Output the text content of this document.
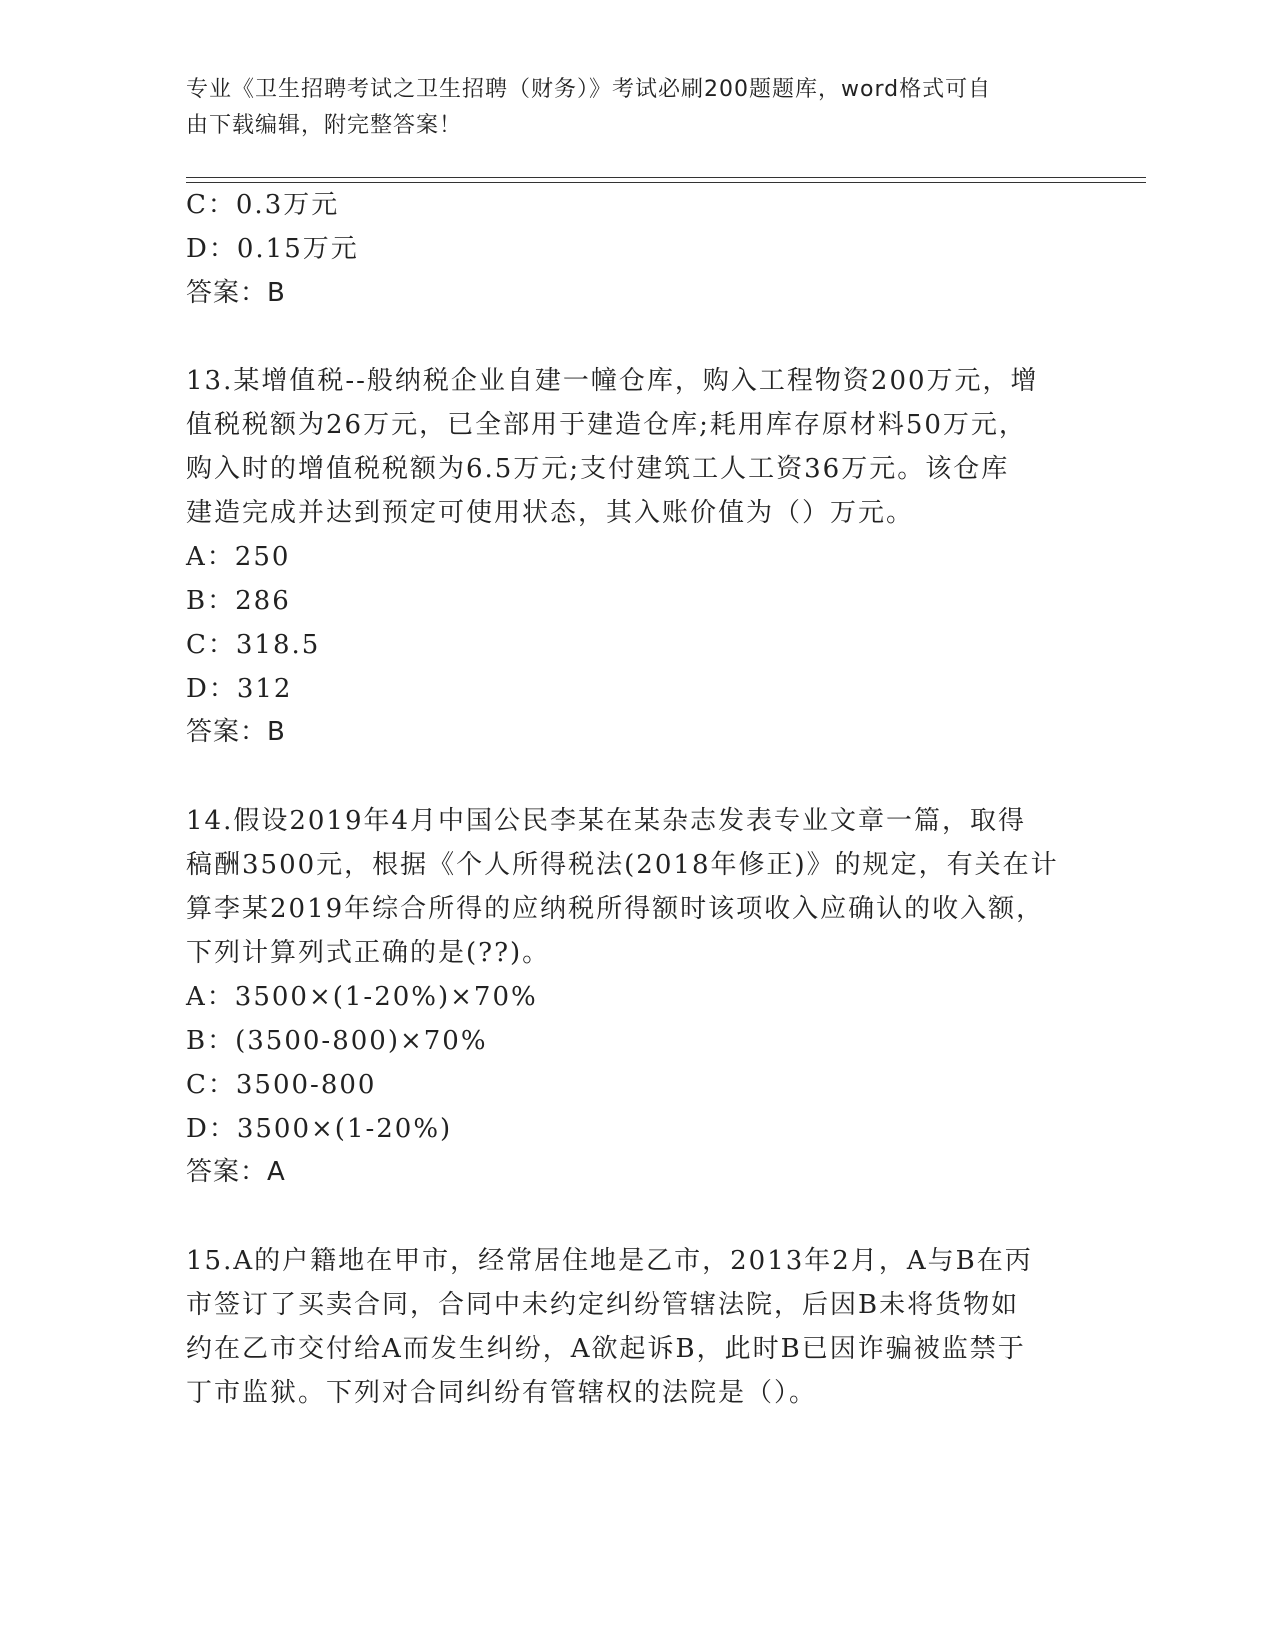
专业《卫生招聘考试之卫生招聘（财务）》考试必刷200题题库，word格式可自
由下载编辑，附完整答案！
C：0.3万元
D：0.15万元
答案：B
13.某增值税--般纳税企业自建一幢仓库，购入工程物资200万元，增
值税税额为26万元，已全部用于建造仓库;耗用库存原材料50万元，
购入时的增值税税额为6.5万元;支付建筑工人工资36万元。该仓库
建造完成并达到预定可使用状态，其入账价值为（）万元。
A：250
B：286
C：318.5
D：312
答案：B
14.假设2019年4月中国公民李某在某杂志发表专业文章一篇，取得
稿酬3500元，根据《个人所得税法(2018年修正)》的规定，有关在计
算李某2019年综合所得的应纳税所得额时该项收入应确认的收入额，
下列计算列式正确的是(??)。
A：3500×(1-20%)×70%
B：(3500-800)×70%
C：3500-800
D：3500×(1-20%)
答案：A
15.A的户籍地在甲市，经常居住地是乙市，2013年2月，A与B在丙
市签订了买卖合同，合同中未约定纠纷管辖法院，后因B未将货物如
约在乙市交付给A而发生纠纷，A欲起诉B，此时B已因诈骗被监禁于
丁市监狱。下列对合同纠纷有管辖权的法院是（）。
